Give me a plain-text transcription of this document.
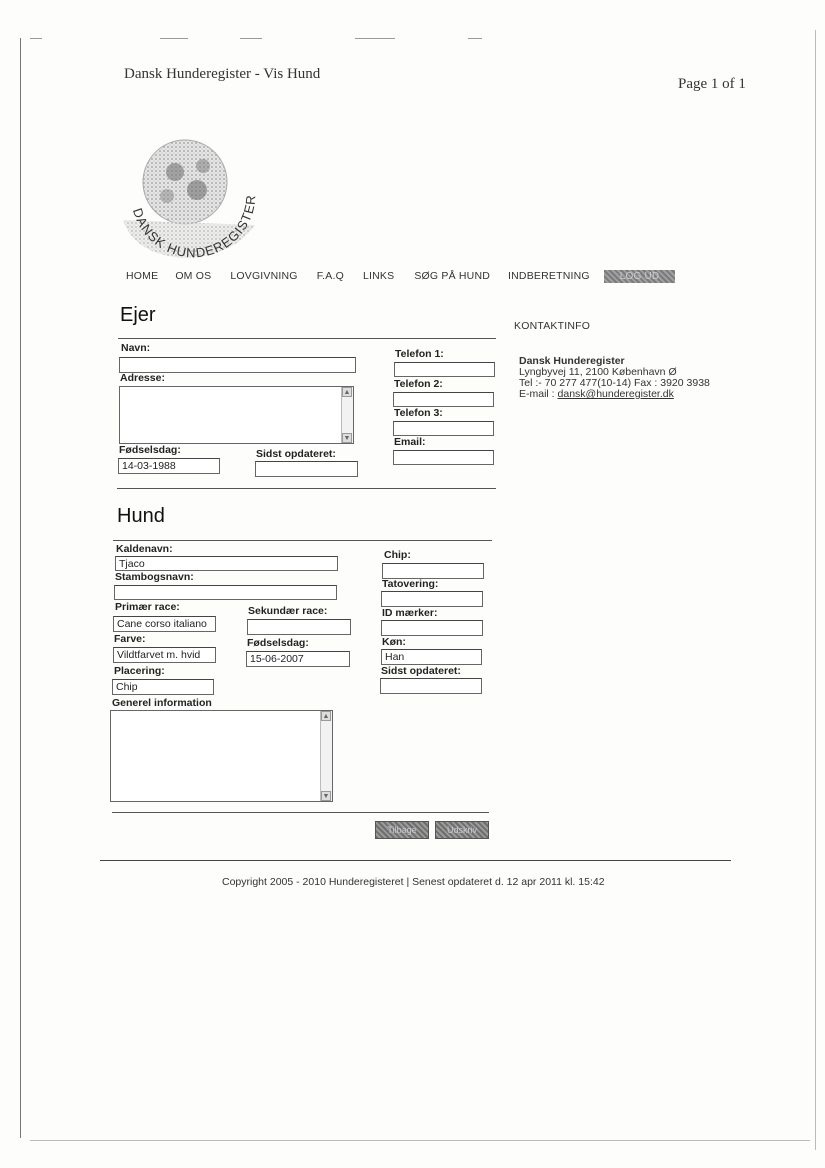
Dansk Hunderegister - Vis Hund
Page 1 of 1
DANSK HUNDEREGISTER
HOME OM OS LOVGIVNING F.A.Q LINKS SØG PÅ HUND INDBERETNING	LOG UD
Ejer
Navn:
Adresse:
▲
▼
Fødselsdag:
14-03-1988
Sidst opdateret:
Telefon 1:
Telefon 2:
Telefon 3:
Email:
KONTAKTINFO
Dansk Hunderegister
Lyngbyvej 11, 2100 København Ø
Tel :- 70 277 477(10-14) Fax : 3920 3938
E-mail : dansk@hunderegister.dk
Hund
Kaldenavn:
Tjaco
Stambogsnavn:
Primær race:
Cane corso italiano
Sekundær race:
Farve:
Vildtfarvet m. hvid
Fødselsdag:
15-06-2007
Placering:
Chip
Generel information
▲
▼
Chip:
Tatovering:
ID mærker:
Køn:
Han
Sidst opdateret:
Tilbage	Udskriv
Copyright 2005 - 2010 Hunderegisteret | Senest opdateret d. 12 apr 2011 kl. 15:42
